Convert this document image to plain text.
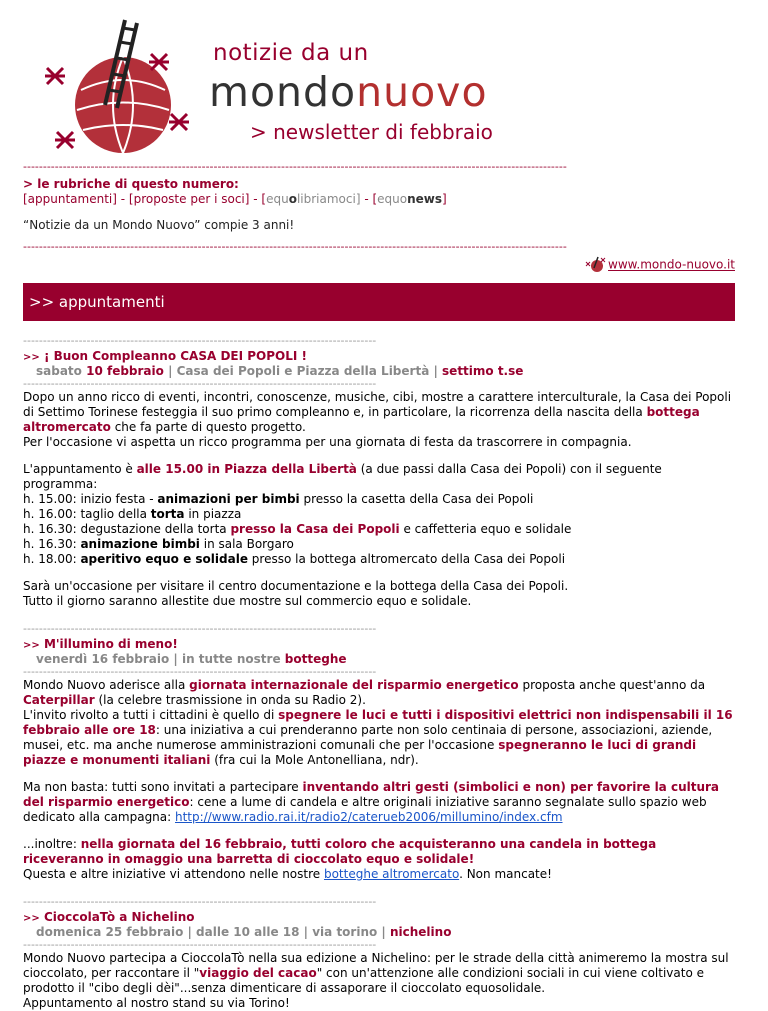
notizie da un
mondonuovo
> newsletter di febbraio
-----------------------------------------------------------------------------------------------------------------------------------------
> le rubriche di questo numero:
[appuntamenti] - [proposte per i soci] - [equolibriamoci] - [equonews]
“Notizie da un Mondo Nuovo” compie 3 anni!
-----------------------------------------------------------------------------------------------------------------------------------------
www.mondo-nuovo.it
>> appuntamenti
-----------------------------------------------------------------------------------------
>> ¡ Buon Compleanno CASA DEI POPOLI !
sabato 10 febbraio | Casa dei Popoli e Piazza della Libertà | settimo t.se
-----------------------------------------------------------------------------------------

Dopo un anno ricco di eventi, incontri, conoscenze, musiche, cibi, mostre a carattere interculturale, la Casa dei Popoli di Settimo Torinese festeggia il suo primo compleanno e, in particolare, la ricorrenza della nascita della bottega altromercato che fa parte di questo progetto.

Per l'occasione vi aspetta un ricco programma per una giornata di festa da trascorrere in compagnia.

L'appuntamento è alle 15.00 in Piazza della Libertà (a due passi dalla Casa dei Popoli) con il seguente programma:

h. 15.00: inizio festa - animazioni per bimbi presso la casetta della Casa dei Popoli

h. 16.00: taglio della torta in piazza

h. 16.30: degustazione della torta presso la Casa dei Popoli e caffetteria equo e solidale

h. 16.30: animazione bimbi in sala Borgaro

h. 18.00: aperitivo equo e solidale presso la bottega altromercato della Casa dei Popoli

Sarà un'occasione per visitare il centro documentazione e la bottega della Casa dei Popoli.

Tutto il giorno saranno allestite due mostre sul commercio equo e solidale.

-----------------------------------------------------------------------------------------
>> M'illumino di meno!
venerdì 16 febbraio | in tutte nostre botteghe
-----------------------------------------------------------------------------------------

Mondo Nuovo aderisce alla giornata internazionale del risparmio energetico proposta anche quest'anno da Caterpillar (la celebre trasmissione in onda su Radio 2).

L'invito rivolto a tutti i cittadini è quello di spegnere le luci e tutti i dispositivi elettrici non indispensabili il 16 febbraio alle ore 18: una iniziativa a cui prenderanno parte non solo centinaia di persone, associazioni, aziende, musei, etc. ma anche numerose amministrazioni comunali che per l'occasione spegneranno le luci di grandi piazze e monumenti italiani (fra cui la Mole Antonelliana, ndr).

Ma non basta: tutti sono invitati a partecipare inventando altri gesti (simbolici e non) per favorire la cultura del risparmio energetico: cene a lume di candela e altre originali iniziative saranno segnalate sullo spazio web dedicato alla campagna: http://www.radio.rai.it/radio2/caterueb2006/millumino/index.cfm

...inoltre: nella giornata del 16 febbraio, tutti coloro che acquisteranno una candela in bottega riceveranno in omaggio una barretta di cioccolato equo e solidale!

Questa e altre iniziative vi attendono nelle nostre botteghe altromercato. Non mancate!

-----------------------------------------------------------------------------------------
>> CioccolaTò a Nichelino
domenica 25 febbraio | dalle 10 alle 18 | via torino | nichelino
-----------------------------------------------------------------------------------------

Mondo Nuovo partecipa a CioccolaTò nella sua edizione a Nichelino: per le strade della città animeremo la mostra sul cioccolato, per raccontare il "viaggio del cacao" con un'attenzione alle condizioni sociali in cui viene coltivato e prodotto il "cibo degli dèi"...senza dimenticare di assaporare il cioccolato equosolidale.

Appuntamento al nostro stand su via Torino!
